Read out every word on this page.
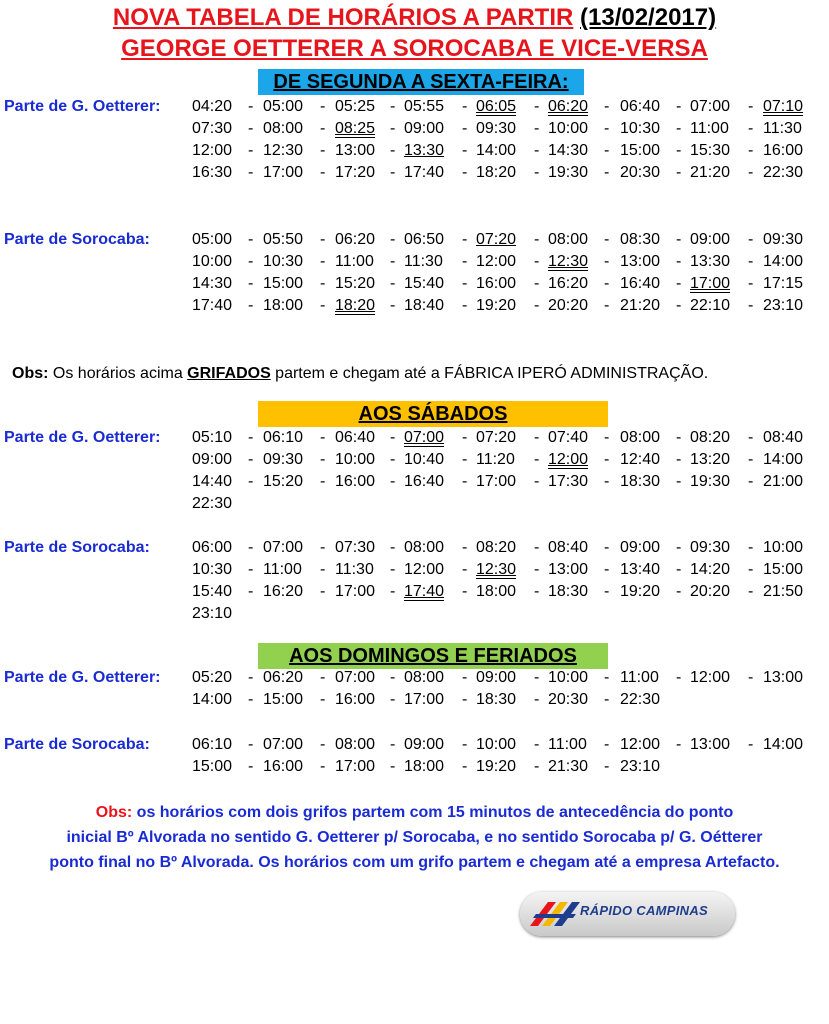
NOVA TABELA DE HORÁRIOS A PARTIR (13/02/2017)
GEORGE OETTERER A SOROCABA E VICE-VERSA
DE SEGUNDA A SEXTA-FEIRA:
Parte de G. Oetterer: 04:20 - 05:00 - 05:25 - 05:55 - 06:05 - 06:20 - 06:40 - 07:00 - 07:10
07:30 - 08:00 - 08:25 - 09:00 - 09:30 - 10:00 - 10:30 - 11:00 - 11:30
12:00 - 12:30 - 13:00 - 13:30 - 14:00 - 14:30 - 15:00 - 15:30 - 16:00
16:30 - 17:00 - 17:20 - 17:40 - 18:20 - 19:30 - 20:30 - 21:20 - 22:30
Parte de Sorocaba:	05:00 - 05:50 - 06:20 - 06:50 - 07:20 - 08:00 - 08:30 - 09:00 - 09:30
10:00 - 10:30 - 11:00 - 11:30 - 12:00 - 12:30 - 13:00 - 13:30 - 14:00
14:30 - 15:00 - 15:20 - 15:40 - 16:00 - 16:20 - 16:40 - 17:00 - 17:15
17:40 - 18:00 - 18:20 - 18:40 - 19:20 - 20:20 - 21:20 - 22:10 - 23:10
AOS SÁBADOS
Parte de G. Oetterer: 05:10 - 06:10 - 06:40 - 07:00 - 07:20 - 07:40 - 08:00 - 08:20 - 08:40
09:00 - 09:30 - 10:00 - 10:40 - 11:20 - 12:00 - 12:40 - 13:20 - 14:00
14:40 - 15:20 - 16:00 - 16:40 - 17:00 - 17:30 - 18:30 - 19:30 - 21:00
22:30
Parte de Sorocaba:	06:00 - 07:00 - 07:30 - 08:00 - 08:20 - 08:40 - 09:00 - 09:30 - 10:00
10:30 - 11:00 - 11:30 - 12:00 - 12:30 - 13:00 - 13:40 - 14:20 - 15:00
15:40 - 16:20 - 17:00 - 17:40 - 18:00 - 18:30 - 19:20 - 20:20 - 21:50
23:10
AOS DOMINGOS E FERIADOS
Parte de G. Oetterer: 05:20 - 06:20 - 07:00 - 08:00 - 09:00 - 10:00 - 11:00 - 12:00 - 13:00
14:00 - 15:00 - 16:00 - 17:00 - 18:30 - 20:30 - 22:30
Parte de Sorocaba:	06:10 - 07:00 - 08:00 - 09:00 - 10:00 - 11:00 - 12:00 - 13:00 - 14:00
15:00 - 16:00 - 17:00 - 18:00 - 19:20 - 21:30 - 23:10
Obs: Os horários acima GRIFADOS partem e chegam até a FÁBRICA IPERÓ ADMINISTRAÇÃO.
Obs: os horários com dois grifos partem com 15 minutos de antecedência do ponto
inicial Bº Alvorada no sentido G. Oetterer p/ Sorocaba, e no sentido Sorocaba p/ G. Oétterer
ponto final no Bº Alvorada. Os horários com um grifo partem e chegam até a empresa Artefacto.
RÁPIDO CAMPINAS
